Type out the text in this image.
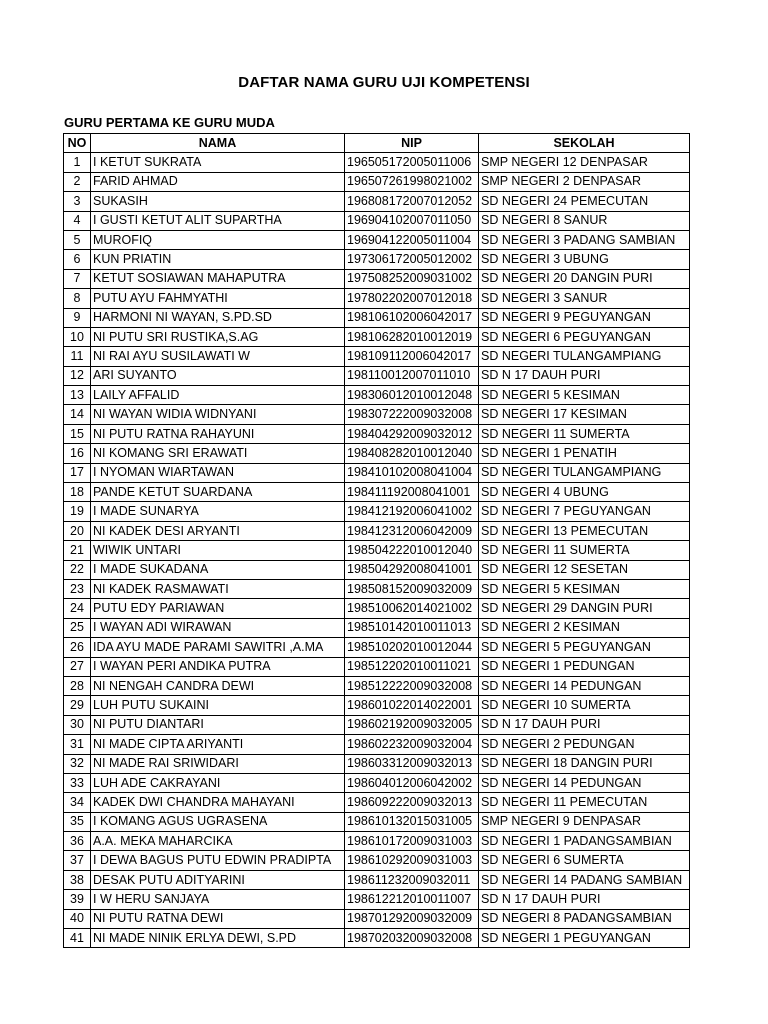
DAFTAR NAMA GURU UJI KOMPETENSI
GURU PERTAMA KE GURU MUDA
NO	NAMA	NIP	SEKOLAH
1	I KETUT SUKRATA	196505172005011006	SMP NEGERI 12 DENPASAR
2	FARID AHMAD	196507261998021002	SMP NEGERI 2 DENPASAR
3	SUKASIH	196808172007012052	SD NEGERI 24 PEMECUTAN
4	I GUSTI KETUT ALIT SUPARTHA	196904102007011050	SD NEGERI 8 SANUR
5	MUROFIQ	196904122005011004	SD NEGERI 3 PADANG SAMBIAN
6	KUN PRIATIN	197306172005012002	SD NEGERI 3 UBUNG
7	KETUT SOSIAWAN MAHAPUTRA	197508252009031002	SD NEGERI 20 DANGIN PURI
8	PUTU AYU FAHMYATHI	197802202007012018	SD NEGERI 3 SANUR
9	HARMONI NI WAYAN, S.PD.SD	198106102006042017	SD NEGERI 9 PEGUYANGAN
10	NI PUTU SRI RUSTIKA,S.AG	198106282010012019	SD NEGERI 6 PEGUYANGAN
11	NI RAI AYU SUSILAWATI W	198109112006042017	SD NEGERI TULANGAMPIANG
12	ARI SUYANTO	198110012007011010	SD N 17 DAUH PURI
13	LAILY AFFALID	198306012010012048	SD NEGERI 5 KESIMAN
14	NI WAYAN WIDIA WIDNYANI	198307222009032008	SD NEGERI 17 KESIMAN
15	NI PUTU RATNA RAHAYUNI	198404292009032012	SD NEGERI 11 SUMERTA
16	NI KOMANG SRI ERAWATI	198408282010012040	SD NEGERI 1 PENATIH
17	I NYOMAN WIARTAWAN	198410102008041004	SD NEGERI TULANGAMPIANG
18	PANDE KETUT SUARDANA	198411192008041001	SD NEGERI 4 UBUNG
19	I MADE SUNARYA	198412192006041002	SD NEGERI 7 PEGUYANGAN
20	NI KADEK DESI ARYANTI	198412312006042009	SD NEGERI 13 PEMECUTAN
21	WIWIK UNTARI	198504222010012040	SD NEGERI 11 SUMERTA
22	I MADE SUKADANA	198504292008041001	SD NEGERI 12 SESETAN
23	NI KADEK RASMAWATI	198508152009032009	SD NEGERI 5 KESIMAN
24	PUTU EDY PARIAWAN	198510062014021002	SD NEGERI 29 DANGIN PURI
25	I WAYAN ADI WIRAWAN	198510142010011013	SD NEGERI 2 KESIMAN
26	IDA AYU MADE PARAMI SAWITRI ,A.MA	198510202010012044	SD NEGERI 5 PEGUYANGAN
27	I WAYAN PERI ANDIKA PUTRA	198512202010011021	SD NEGERI 1 PEDUNGAN
28	NI NENGAH CANDRA DEWI	198512222009032008	SD NEGERI 14 PEDUNGAN
29	LUH PUTU SUKAINI	198601022014022001	SD NEGERI 10 SUMERTA
30	NI PUTU DIANTARI	198602192009032005	SD N 17 DAUH PURI
31	NI MADE CIPTA ARIYANTI	198602232009032004	SD NEGERI 2 PEDUNGAN
32	NI MADE RAI SRIWIDARI	198603312009032013	SD NEGERI 18 DANGIN PURI
33	LUH ADE CAKRAYANI	198604012006042002	SD NEGERI 14 PEDUNGAN
34	KADEK DWI CHANDRA MAHAYANI	198609222009032013	SD NEGERI 11 PEMECUTAN
35	I KOMANG AGUS UGRASENA	198610132015031005	SMP NEGERI 9 DENPASAR
36	A.A. MEKA MAHARCIKA	198610172009031003	SD NEGERI 1 PADANGSAMBIAN
37	I DEWA BAGUS PUTU EDWIN PRADIPTA	198610292009031003	SD NEGERI 6 SUMERTA
38	DESAK PUTU ADITYARINI	198611232009032011	SD NEGERI 14 PADANG SAMBIAN
39	I W HERU SANJAYA	198612212010011007	SD N 17 DAUH PURI
40	NI PUTU RATNA DEWI	198701292009032009	SD NEGERI 8 PADANGSAMBIAN
41	NI MADE NINIK ERLYA DEWI, S.PD	198702032009032008	SD NEGERI 1 PEGUYANGAN
